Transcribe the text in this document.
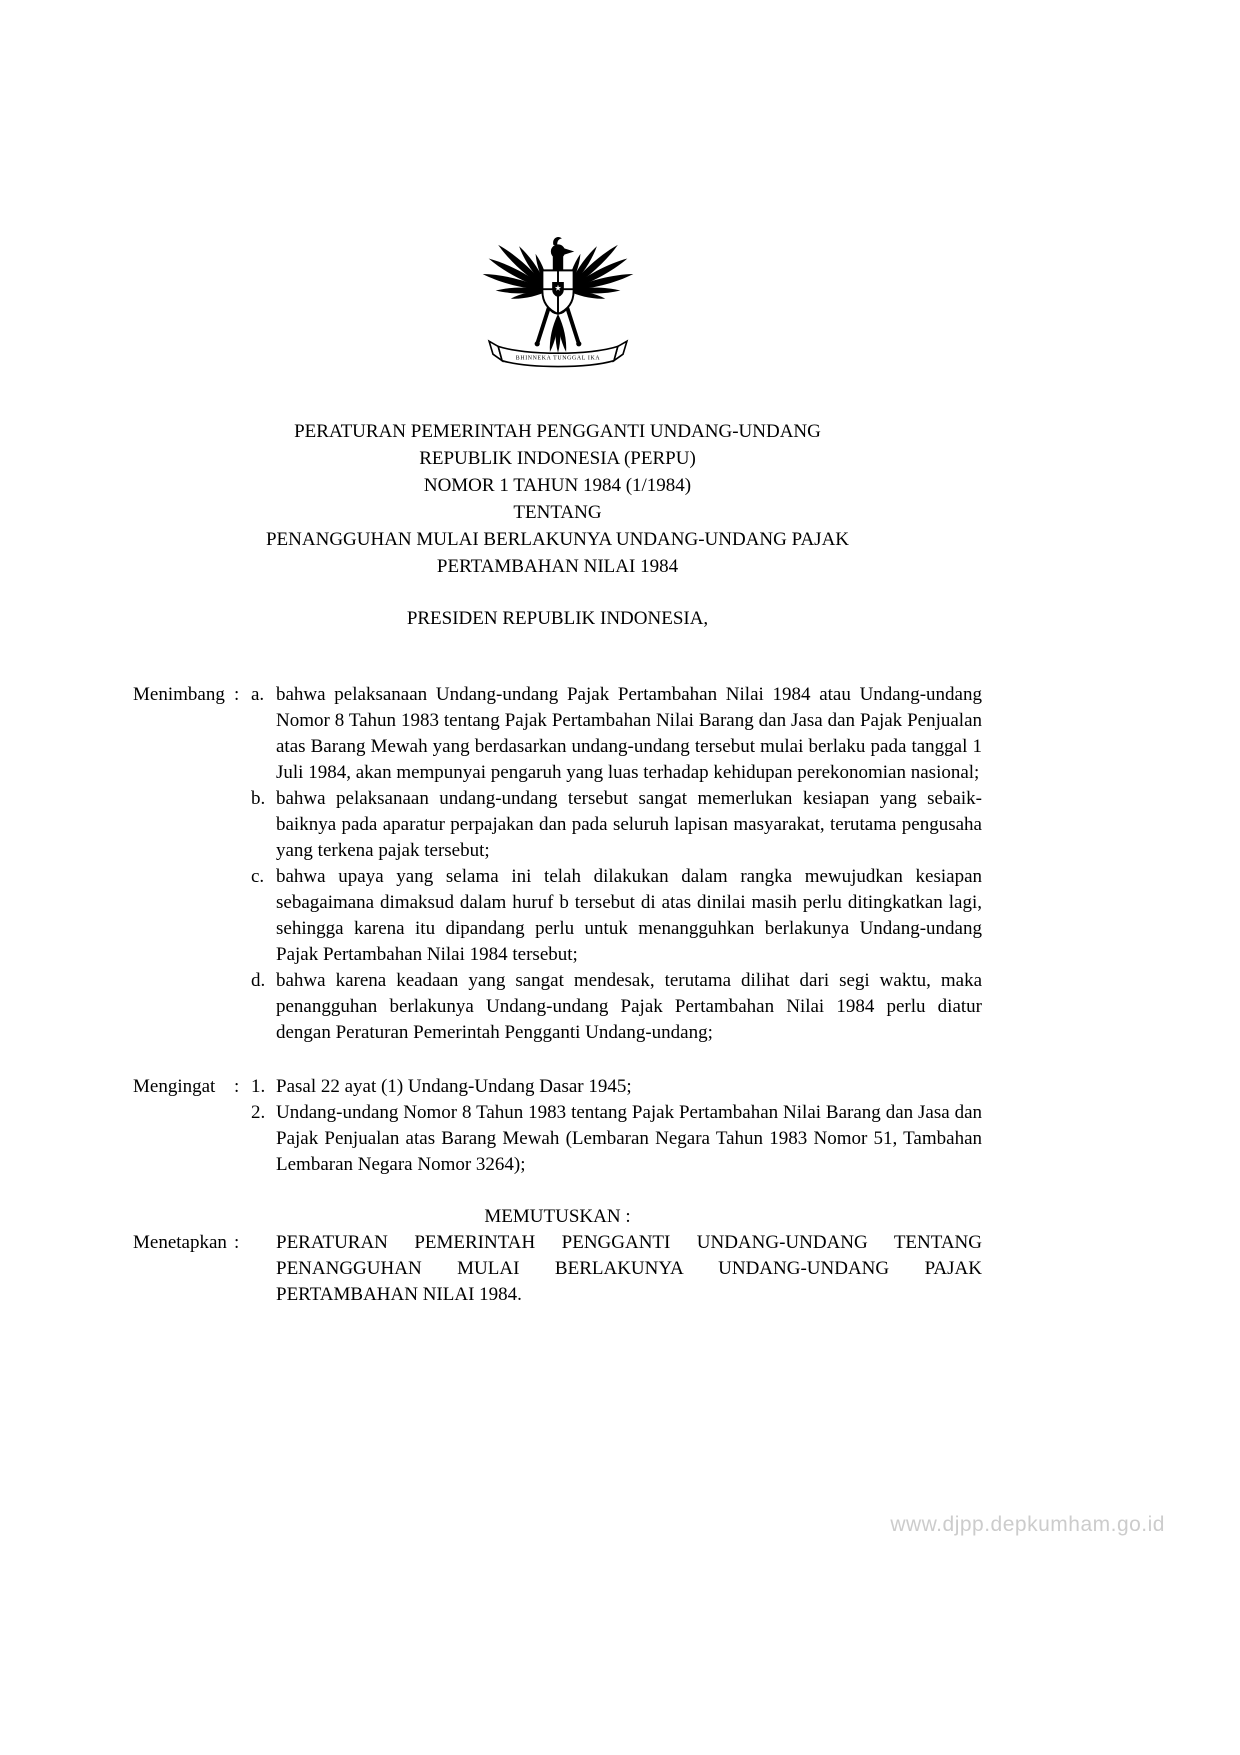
BHINNEKA TUNGGAL IKA
PERATURAN PEMERINTAH PENGGANTI UNDANG-UNDANG
REPUBLIK INDONESIA (PERPU)
NOMOR 1 TAHUN 1984 (1/1984)
TENTANG
PENANGGUHAN MULAI BERLAKUNYA UNDANG-UNDANG PAJAK
PERTAMBAHAN NILAI 1984
PRESIDEN REPUBLIK INDONESIA,
Menimbang : a. bahwa pelaksanaan Undang-undang Pajak Pertambahan Nilai 1984 atau Undang-undang Nomor 8 Tahun 1983 tentang Pajak Pertambahan Nilai Barang dan Jasa dan Pajak Penjualan atas Barang Mewah yang berdasarkan undang-undang tersebut mulai berlaku pada tanggal 1 Juli 1984, akan mempunyai pengaruh yang luas terhadap kehidupan perekonomian nasional;
b. bahwa pelaksanaan undang-undang tersebut sangat memerlukan kesiapan yang sebaik-baiknya pada aparatur perpajakan dan pada seluruh lapisan masyarakat, terutama pengusaha yang terkena pajak tersebut;
c. bahwa upaya yang selama ini telah dilakukan dalam rangka mewujudkan kesiapan sebagaimana dimaksud dalam huruf b tersebut di atas dinilai masih perlu ditingkatkan lagi, sehingga karena itu dipandang perlu untuk menangguhkan berlakunya Undang-undang Pajak Pertambahan Nilai 1984 tersebut;
d. bahwa karena keadaan yang sangat mendesak, terutama dilihat dari segi waktu, maka penangguhan berlakunya Undang-undang Pajak Pertambahan Nilai 1984 perlu diatur dengan Peraturan Pemerintah Pengganti Undang-undang;
Mengingat : 1. Pasal 22 ayat (1) Undang-Undang Dasar 1945;
2. Undang-undang Nomor 8 Tahun 1983 tentang Pajak Pertambahan Nilai Barang dan Jasa dan Pajak Penjualan atas Barang Mewah (Lembaran Negara Tahun 1983 Nomor 51, Tambahan Lembaran Negara Nomor 3264);
MEMUTUSKAN :
Menetapkan :	PERATURAN PEMERINTAH PENGGANTI UNDANG-UNDANG TENTANG PENANGGUHAN MULAI BERLAKUNYA UNDANG-UNDANG PAJAK PERTAMBAHAN NILAI 1984.
www.djpp.depkumham.go.id
